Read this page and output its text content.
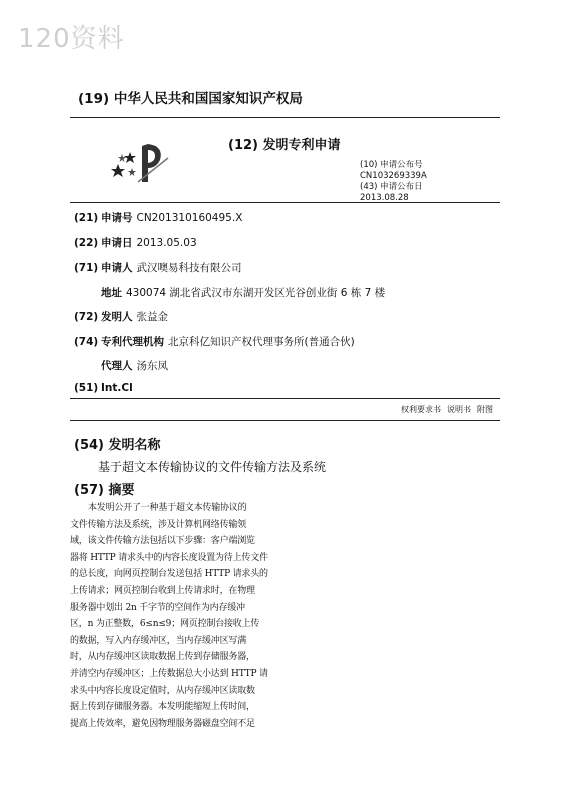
120资料
(19) 中华人民共和国国家知识产权局
(12) 发明专利申请
(10) 申请公布号
CN103269339A
(43) 申请公布日
2013.08.28
(21) 申请号 CN201310160495.X
(22) 申请日 2013.05.03
(71) 申请人 武汉噢易科技有限公司
地址 430074 湖北省武汉市东湖开发区光谷创业街 6 栋 7 楼
(72) 发明人 张益金
(74) 专利代理机构 北京科亿知识产权代理事务所(普通合伙)
代理人 汤东凤
(51) Int.Cl
权利要求书 说明书 附图
(54) 发明名称
基于超文本传输协议的文件传输方法及系统
(57) 摘要
本发明公开了一种基于超文本传输协议的
文件传输方法及系统，涉及计算机网络传输领
域，该文件传输方法包括以下步骤：客户端浏览
器将 HTTP 请求头中的内容长度设置为待上传文件
的总长度，向网页控制台发送包括 HTTP 请求头的
上传请求；网页控制台收到上传请求时，在物理
服务器中划出 2n 千字节的空间作为内存缓冲
区，n 为正整数，6≤n≤9；网页控制台接收上传
的数据，写入内存缓冲区，当内存缓冲区写满
时，从内存缓冲区读取数据上传到存储服务器，
并清空内存缓冲区；上传数据总大小达到 HTTP 请
求头中内容长度设定值时，从内存缓冲区读取数
据上传到存储服务器。本发明能缩短上传时间，
提高上传效率，避免因物理服务器磁盘空间不足
